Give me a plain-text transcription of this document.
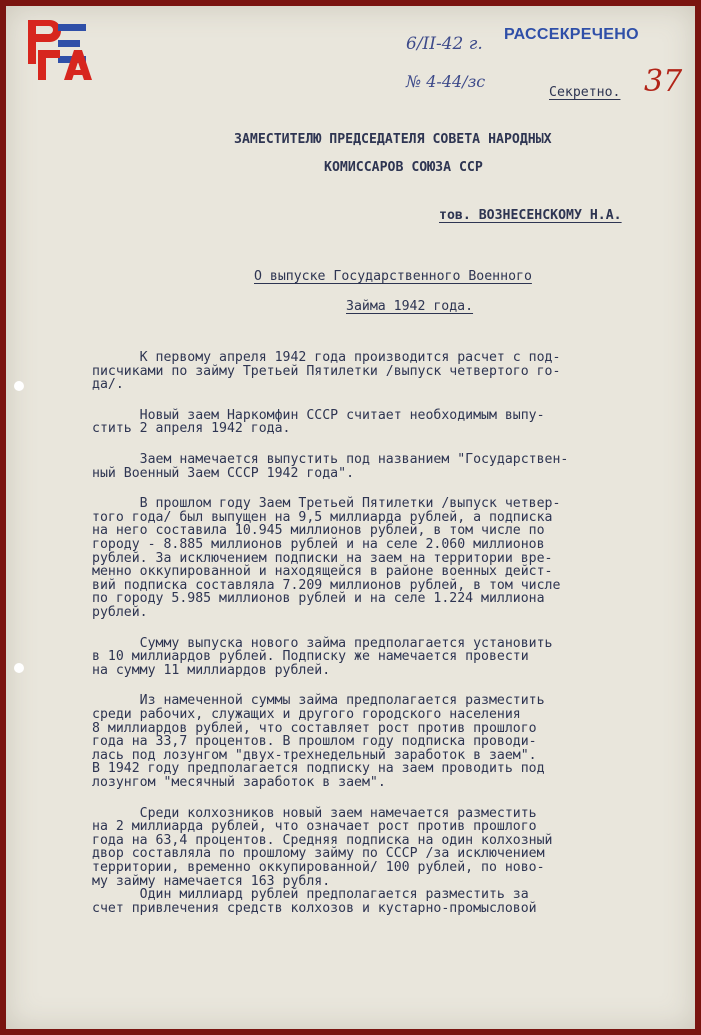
РАССЕКРЕЧЕНО
6/II-42 г.
№ 4-44/зс	37
Секретно.
ЗАМЕСТИТЕЛЮ ПРЕДСЕДАТЕЛЯ СОВЕТА НАРОДНЫХ
КОМИССАРОВ СОЮЗА ССР
тов. ВОЗНЕСЕНСКОМУ Н.А.
О выпуске Государственного Военного
Займа 1942 года.
К первому апреля 1942 года производится расчет с под-
писчиками по займу Третьей Пятилетки /выпуск четвертого го-
да/.
Новый заем Наркомфин СССР считает необходимым выпу-
стить 2 апреля 1942 года.
Заем намечается выпустить под названием "Государствен-
ный Военный Заем СССР 1942 года".
В прошлом году Заем Третьей Пятилетки /выпуск четвер-
того года/ был выпущен на 9,5 миллиарда рублей, а подписка
на него составила 10.945 миллионов рублей, в том числе по
городу - 8.885 миллионов рублей и на селе 2.060 миллионов
рублей. За исключением подписки на заем на территории вре-
менно оккупированной и находящейся в районе военных дейст-
вий подписка составляла 7.209 миллионов рублей, в том числе
по городу 5.985 миллионов рублей и на селе 1.224 миллиона
рублей.
Сумму выпуска нового займа предполагается установить
в 10 миллиардов рублей. Подписку же намечается провести
на сумму 11 миллиардов рублей.
Из намеченной суммы займа предполагается разместить
среди рабочих, служащих и другого городского населения
8 миллиардов рублей, что составляет рост против прошлого
года на 33,7 процентов. В прошлом году подписка проводи-
лась под лозунгом "двух-трехнедельный заработок в заем".
В 1942 году предполагается подписку на заем проводить под
лозунгом "месячный заработок в заем".
Среди колхозников новый заем намечается разместить
на 2 миллиарда рублей, что означает рост против прошлого
года на 63,4 процентов. Средняя подписка на один колхозный
двор составляла по прошлому займу по СССР /за исключением
территории, временно оккупированной/ 100 рублей, по ново-
му займу намечается 163 рубля.
Один миллиард рублей предполагается разместить за
счет привлечения средств колхозов и кустарно-промысловой
